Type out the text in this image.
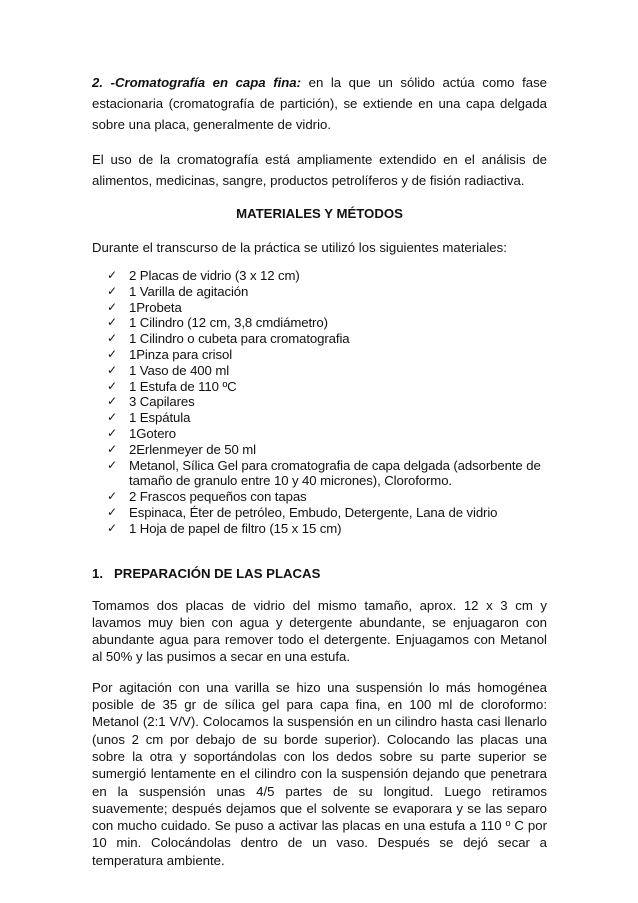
2. -Cromatografía en capa fina: en la que un sólido actúa como fase estacionaria (cromatografía de partición), se extiende en una capa delgada sobre una placa, generalmente de vidrio.

El uso de la cromatografía está ampliamente extendido en el análisis de alimentos, medicinas, sangre, productos petrolíferos y de fisión radiactiva.

MATERIALES Y MÉTODOS

Durante el transcurso de la práctica se utilizó los siguientes materiales:

✓ 2 Placas de vidrio (3 x 12 cm)
✓ 1 Varilla de agitación
✓ 1Probeta
✓ 1 Cilindro (12 cm, 3,8 cmdiámetro)
✓ 1 Cilindro o cubeta para cromatografia
✓ 1Pinza para crisol
✓ 1 Vaso de 400 ml
✓ 1 Estufa de 110 ºC
✓ 3 Capilares
✓ 1 Espátula
✓ 1Gotero
✓ 2Erlenmeyer de 50 ml
✓ Metanol, Sílica Gel para cromatografia de capa delgada (adsorbente de tamaño de granulo entre 10 y 40 micrones), Cloroformo.
✓ 2 Frascos pequeños con tapas
✓ Espinaca, Éter de petróleo, Embudo, Detergente, Lana de vidrio
✓ 1 Hoja de papel de filtro (15 x 15 cm)
1. PREPARACIÓN DE LAS PLACAS

Tomamos dos placas de vidrio del mismo tamaño, aprox. 12 x 3 cm y lavamos muy bien con agua y detergente abundante, se enjuagaron con abundante agua para remover todo el detergente. Enjuagamos con Metanol al 50% y las pusimos a secar en una estufa.

Por agitación con una varilla se hizo una suspensión lo más homogénea posible de 35 gr de sílica gel para capa fina, en 100 ml de cloroformo: Metanol (2:1 V/V). Colocamos la suspensión en un cilindro hasta casi llenarlo (unos 2 cm por debajo de su borde superior). Colocando las placas una sobre la otra y soportándolas con los dedos sobre su parte superior se sumergió lentamente en el cilindro con la suspensión dejando que penetrara en la suspensión unas 4/5 partes de su longitud. Luego retiramos suavemente; después dejamos que el solvente se evaporara y se las separo con mucho cuidado. Se puso a activar las placas en una estufa a 110 º C por 10 min. Colocándolas dentro de un vaso. Después se dejó secar a temperatura ambiente.
